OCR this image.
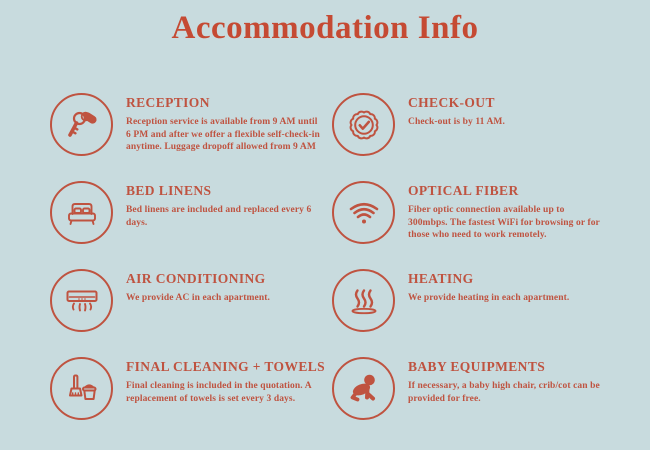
Accommodation Info
RECEPTION
Reception service is available from 9 AM until 6 PM and after we offer a flexible self-check-in anytime. Luggage dropoff allowed from 9 AM
CHECK-OUT
Check-out is by 11 AM.
BED LINENS
Bed linens are included and replaced every 6 days.
OPTICAL FIBER
Fiber optic connection available up to 300mbps. The fastest WiFi for browsing or for those who need to work remotely.
AIR CONDITIONING
We provide AC in each apartment.
HEATING
We provide heating in each apartment.
FINAL CLEANING + TOWELS
Final cleaning is included in the quotation. A replacement of towels is set every 3 days.
BABY EQUIPMENTS
If necessary, a baby high chair, crib/cot can be provided for free.
